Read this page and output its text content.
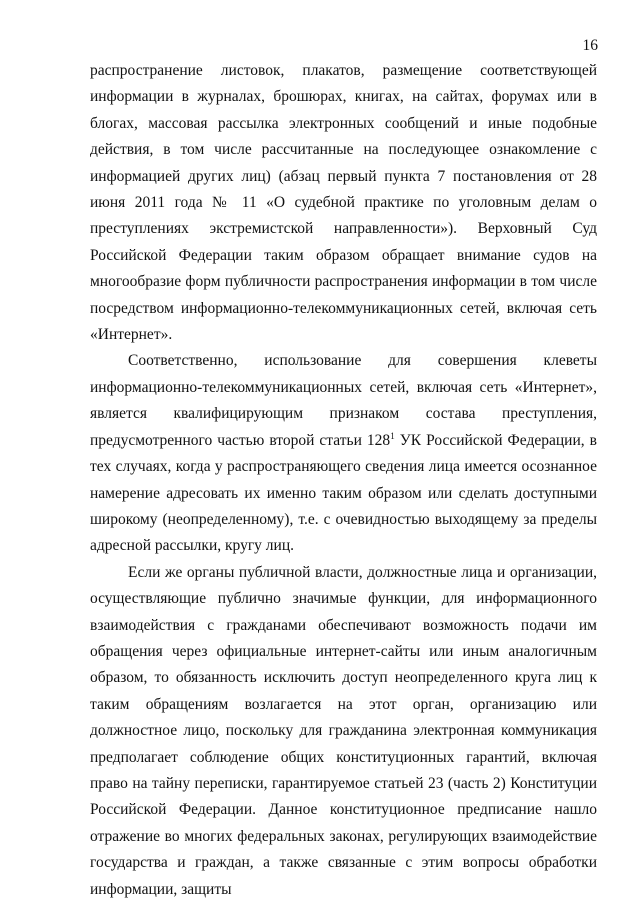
16

распространение листовок, плакатов, размещение соответствующей информации в журналах, брошюрах, книгах, на сайтах, форумах или в блогах, массовая рассылка электронных сообщений и иные подобные действия, в том числе рассчитанные на последующее ознакомление с информацией других лиц) (абзац первый пункта 7 постановления от 28 июня 2011 года № 11 «О судебной практике по уголовным делам о преступлениях экстремистской направленности»). Верховный Суд Российской Федерации таким образом обращает внимание судов на многообразие форм публичности распространения информации в том числе посредством информационно-телекоммуникационных сетей, включая сеть «Интернет».

Соответственно, использование для совершения клеветы информационно-телекоммуникационных сетей, включая сеть «Интернет», является квалифицирующим признаком состава преступления, предусмотренного частью второй статьи $128^1$ УК Российской Федерации, в тех случаях, когда у распространяющего сведения лица имеется осознанное намерение адресовать их именно таким образом или сделать доступными широкому (неопределенному), т.е. с очевидностью выходящему за пределы адресной рассылки, кругу лиц.

Если же органы публичной власти, должностные лица и организации, осуществляющие публично значимые функции, для информационного взаимодействия с гражданами обеспечивают возможность подачи им обращения через официальные интернет-сайты или иным аналогичным образом, то обязанность исключить доступ неопределенного круга лиц к таким обращениям возлагается на этот орган, организацию или должностное лицо, поскольку для гражданина электронная коммуникация предполагает соблюдение общих конституционных гарантий, включая право на тайну переписки, гарантируемое статьей 23 (часть 2) Конституции Российской Федерации. Данное конституционное предписание нашло отражение во многих федеральных законах, регулирующих взаимодействие государства и граждан, а также связанные с этим вопросы обработки информации, защиты
